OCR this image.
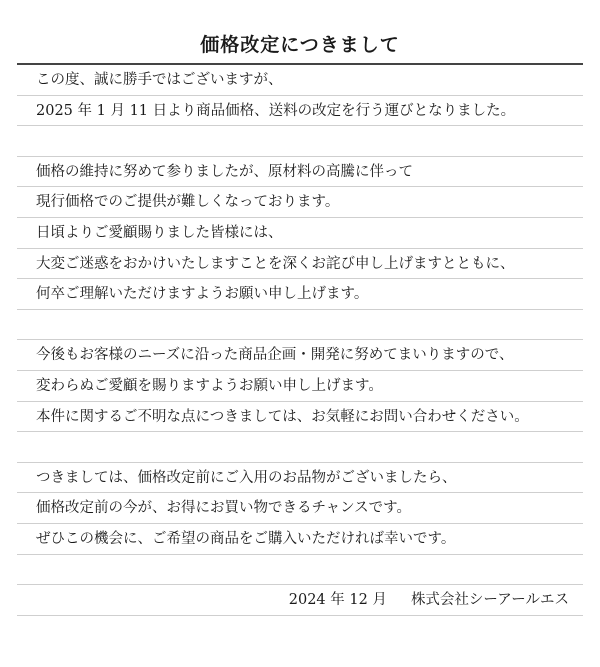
価格改定につきまして
この度、誠に勝手ではございますが、
2025 年 1 月 11 日より商品価格、送料の改定を行う運びとなりました。
価格の維持に努めて参りましたが、原材料の高騰に伴って
現行価格でのご提供が難しくなっております。
日頃よりご愛顧賜りました皆様には、
大変ご迷惑をおかけいたしますことを深くお詫び申し上げますとともに、
何卒ご理解いただけますようお願い申し上げます。
今後もお客様のニーズに沿った商品企画・開発に努めてまいりますので、
変わらぬご愛顧を賜りますようお願い申し上げます。
本件に関するご不明な点につきましては、お気軽にお問い合わせください。
つきましては、価格改定前にご入用のお品物がございましたら、
価格改定前の今が、お得にお買い物できるチャンスです。
ぜひこの機会に、ご希望の商品をご購入いただければ幸いです。
2024 年 12 月 株式会社シーアールエス
